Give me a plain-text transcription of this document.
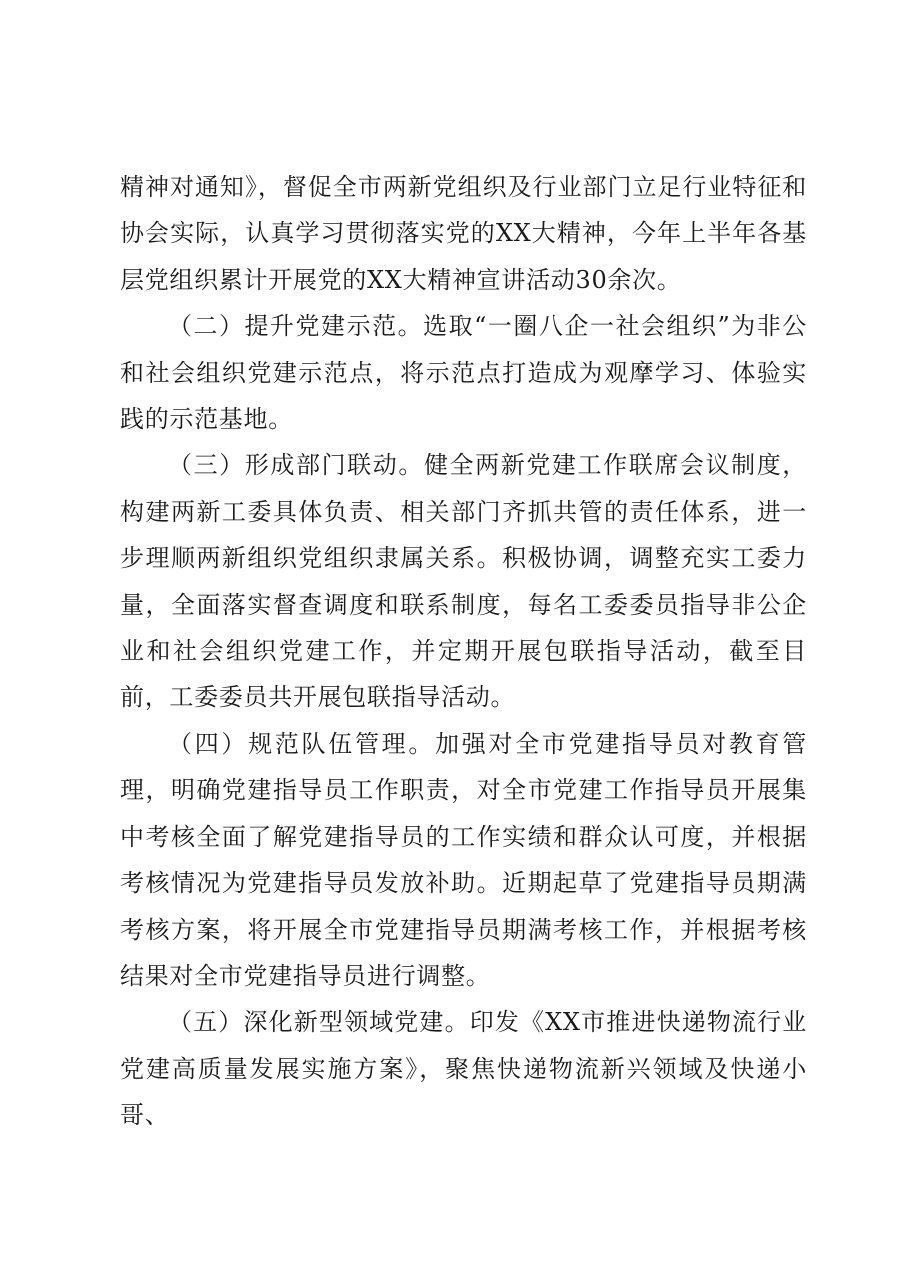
精神对通知》，督促全市两新党组织及行业部门立足行业特征和协会实际，认真学习贯彻落实党的XX大精神，今年上半年各基层党组织累计开展党的XX大精神宣讲活动30余次。

（二）提升党建示范。选取“一圈八企一社会组织”为非公和社会组织党建示范点，将示范点打造成为观摩学习、体验实践的示范基地。

（三）形成部门联动。健全两新党建工作联席会议制度，构建两新工委具体负责、相关部门齐抓共管的责任体系，进一步理顺两新组织党组织隶属关系。积极协调，调整充实工委力量，全面落实督查调度和联系制度，每名工委委员指导非公企业和社会组织党建工作，并定期开展包联指导活动，截至目前，工委委员共开展包联指导活动。

（四）规范队伍管理。加强对全市党建指导员对教育管理，明确党建指导员工作职责，对全市党建工作指导员开展集中考核全面了解党建指导员的工作实绩和群众认可度，并根据考核情况为党建指导员发放补助。近期起草了党建指导员期满考核方案，将开展全市党建指导员期满考核工作，并根据考核结果对全市党建指导员进行调整。

（五）深化新型领域党建。印发《XX市推进快递物流行业党建高质量发展实施方案》，聚焦快递物流新兴领域及快递小哥、
